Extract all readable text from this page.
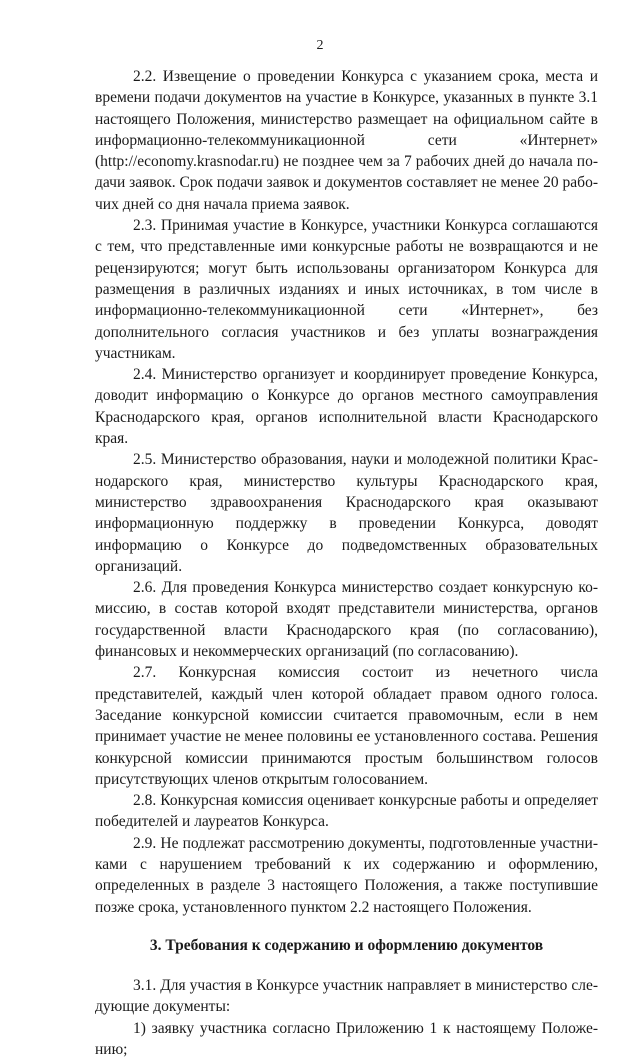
2

2.2. Извещение о проведении Конкурса с указанием срока, места и времени подачи документов на участие в Конкурсе, указанных в пункте 3.1 настоящего Положения, министерство размещает на официальном сайте в информационно-телекоммуникационной сети «Интернет» (http://economy.krasnodar.ru) не позднее чем за 7 рабочих дней до начала подачи заявок. Срок подачи заявок и документов составляет не менее 20 рабочих дней со дня начала приема заявок.

2.3. Принимая участие в Конкурсе, участники Конкурса соглашаются с тем, что представленные ими конкурсные работы не возвращаются и не рецензируются; могут быть использованы организатором Конкурса для размещения в различных изданиях и иных источниках, в том числе в информационно-телекоммуникационной сети «Интернет», без дополнительного согласия участников и без уплаты вознаграждения участникам.

2.4. Министерство организует и координирует проведение Конкурса, доводит информацию о Конкурсе до органов местного самоуправления Краснодарского края, органов исполнительной власти Краснодарского края.

2.5. Министерство образования, науки и молодежной политики Краснодарского края, министерство культуры Краснодарского края, министерство здравоохранения Краснодарского края оказывают информационную поддержку в проведении Конкурса, доводят информацию о Конкурсе до подведомственных образовательных организаций.

2.6. Для проведения Конкурса министерство создает конкурсную комиссию, в состав которой входят представители министерства, органов государственной власти Краснодарского края (по согласованию), финансовых и некоммерческих организаций (по согласованию).

2.7. Конкурсная комиссия состоит из нечетного числа представителей, каждый член которой обладает правом одного голоса. Заседание конкурсной комиссии считается правомочным, если в нем принимает участие не менее половины ее установленного состава. Решения конкурсной комиссии принимаются простым большинством голосов присутствующих членов открытым голосованием.

2.8. Конкурсная комиссия оценивает конкурсные работы и определяет победителей и лауреатов Конкурса.

2.9. Не подлежат рассмотрению документы, подготовленные участниками с нарушением требований к их содержанию и оформлению, определенных в разделе 3 настоящего Положения, а также поступившие позже срока, установленного пунктом 2.2 настоящего Положения.

3. Требования к содержанию и оформлению документов

3.1. Для участия в Конкурсе участник направляет в министерство следующие документы:

1) заявку участника согласно Приложению 1 к настоящему Положению;
